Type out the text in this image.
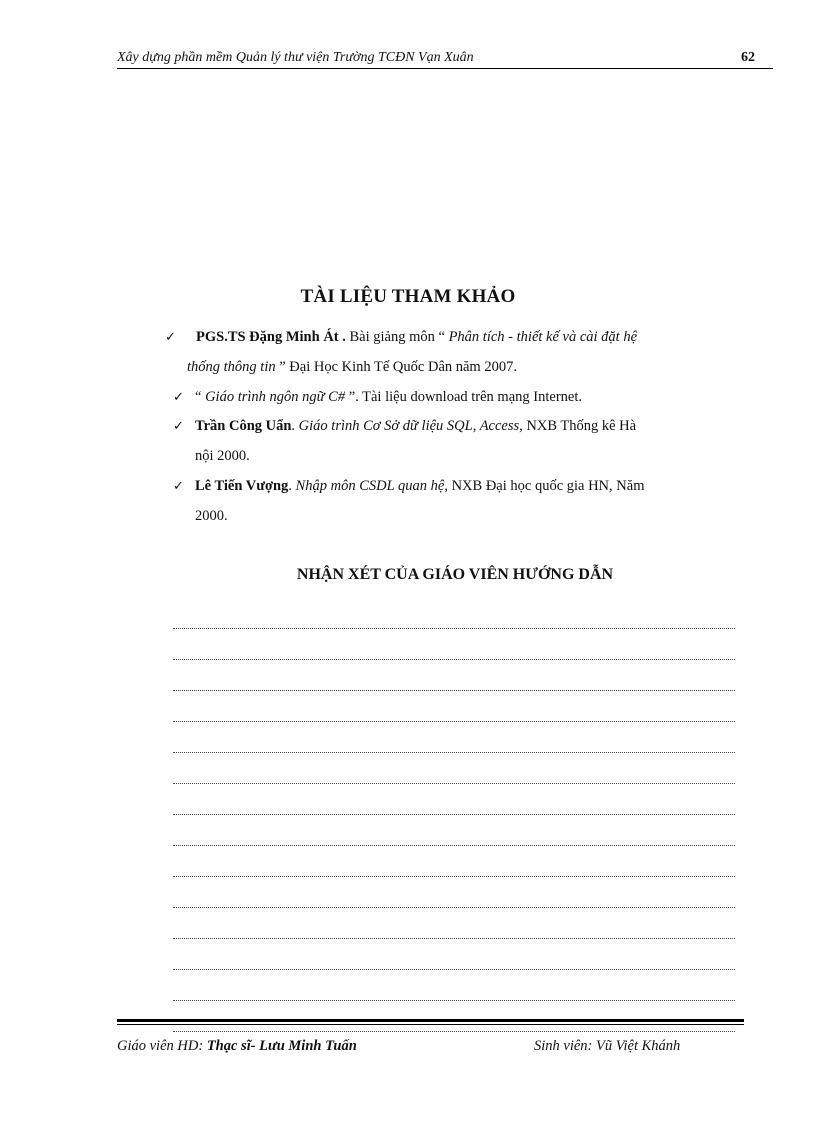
Xây dựng phần mềm Quản lý thư viện Trường TCĐN Vạn Xuân	62
TÀI LIỆU THAM KHẢO
✓ PGS.TS Đặng Minh Át . Bài giảng môn “ Phân tích - thiết kế và cài đặt hệ
thống thông tin ” Đại Học Kinh Tế Quốc Dân năm 2007.
✓ “ Giáo trình ngôn ngữ C# ”. Tài liệu download trên mạng Internet.
✓ Trần Công Uẩn. Giáo trình Cơ Sở dữ liệu SQL, Access, NXB Thống kê Hà
nội 2000.
✓ Lê Tiến Vượng. Nhập môn CSDL quan hệ, NXB Đại học quốc gia HN, Năm
2000.
NHẬN XÉT CỦA GIÁO VIÊN HƯỚNG DẪN
Giáo viên HD: Thạc sĩ- Lưu Minh Tuấn	Sinh viên: Vũ Việt Khánh
